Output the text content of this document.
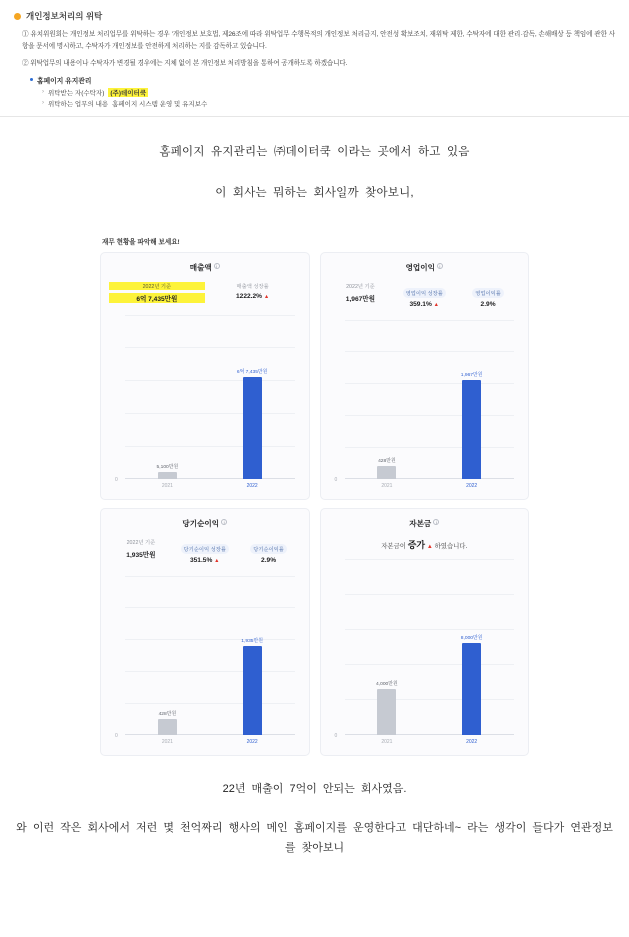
개인정보처리의 위탁

① 유치위원회는 개인정보 처리업무를 위탁하는 경우 '개인정보 보호법, 제26조에 따라 위탁업무 수행목적의 개인정보 처리금지, 안전성 확보조치, 재위탁 제한, 수탁자에 대한 관리·감독, 손해배상 등 책임에 관한 사항을 문서에 명시하고, 수탁자가 개인정보를 안전하게 처리하는 지를 감독하고 있습니다.

② 위탁업무의 내용이나 수탁자가 변경될 경우에는 지체 없이 본 개인정보 처리방침을 통하여 공개하도록 하겠습니다.

홈페이지 유지관리
› 위탁받는 자(수탁자) (주)데이터쿡
› 위탁하는 업무의 내용 홈페이지 시스템 운영 및 유지보수
홈페이지 유지관리는 ㈜데이터쿡 이라는 곳에서 하고 있음
이 회사는 뭐하는 회사일까 찾아보니,
재무 현황을 파악해 보세요!
매출액 i
2022년 기준
6억 7,435만원
매출액 성장률
1222.2% ▲
0
5,100만원
6억 7,435만원
2021	2022
영업이익 i
2022년 기준
1,967만원
영업이익 성장률
359.1% ▲
영업이익률
2.9%
0
428만원
1,967만원
2021	2022
당기순이익 i
2022년 기준
1,935만원
당기순이익 성장률
351.5% ▲
당기순이익률
2.9%
0
428만원
1,935만원
2021	2022
자본금 i
자본금이 증가 ▲ 하였습니다.
0
4,000만원
8,000만원
2021	2022
22년 매출이 7억이 안되는 회사였음.
와 이런 작은 회사에서 저런 몇 천억짜리 행사의 메인 홈페이지를 운영한다고 대단하네~ 라는 생각이 들다가 연관정보를 찾아보니
